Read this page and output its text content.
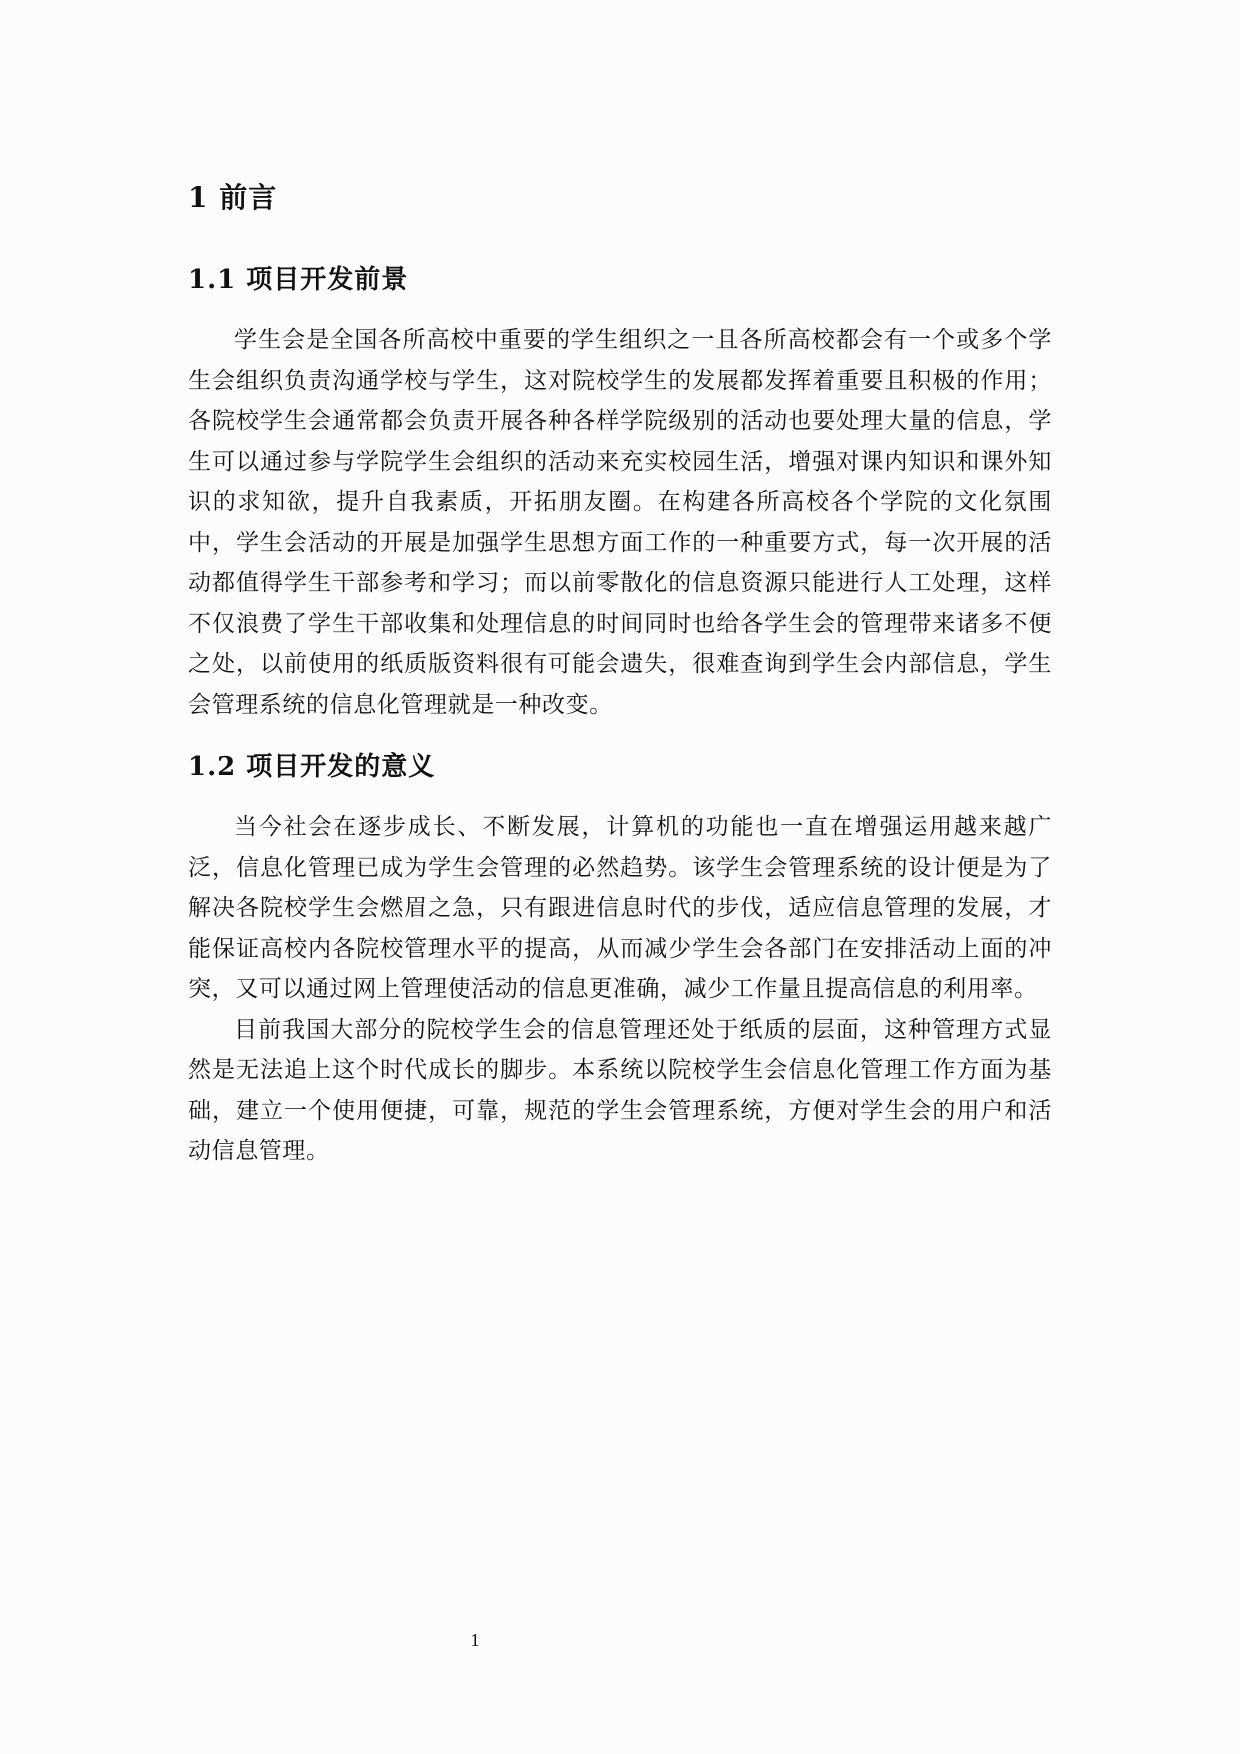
1 前言
1.1 项目开发前景

学生会是全国各所高校中重要的学生组织之一且各所高校都会有一个或多个学生会组织负责沟通学校与学生，这对院校学生的发展都发挥着重要且积极的作用；各院校学生会通常都会负责开展各种各样学院级别的活动也要处理大量的信息，学生可以通过参与学院学生会组织的活动来充实校园生活，增强对课内知识和课外知识的求知欲，提升自我素质，开拓朋友圈。在构建各所高校各个学院的文化氛围中，学生会活动的开展是加强学生思想方面工作的一种重要方式，每一次开展的活动都值得学生干部参考和学习；而以前零散化的信息资源只能进行人工处理，这样不仅浪费了学生干部收集和处理信息的时间同时也给各学生会的管理带来诸多不便之处，以前使用的纸质版资料很有可能会遗失，很难查询到学生会内部信息，学生会管理系统的信息化管理就是一种改变。

1.2 项目开发的意义

当今社会在逐步成长、不断发展，计算机的功能也一直在增强运用越来越广泛，信息化管理已成为学生会管理的必然趋势。该学生会管理系统的设计便是为了解决各院校学生会燃眉之急，只有跟进信息时代的步伐，适应信息管理的发展，才能保证高校内各院校管理水平的提高，从而减少学生会各部门在安排活动上面的冲突，又可以通过网上管理使活动的信息更准确，减少工作量且提高信息的利用率。

目前我国大部分的院校学生会的信息管理还处于纸质的层面，这种管理方式显然是无法追上这个时代成长的脚步。本系统以院校学生会信息化管理工作方面为基础，建立一个使用便捷，可靠，规范的学生会管理系统，方便对学生会的用户和活动信息管理。

1
